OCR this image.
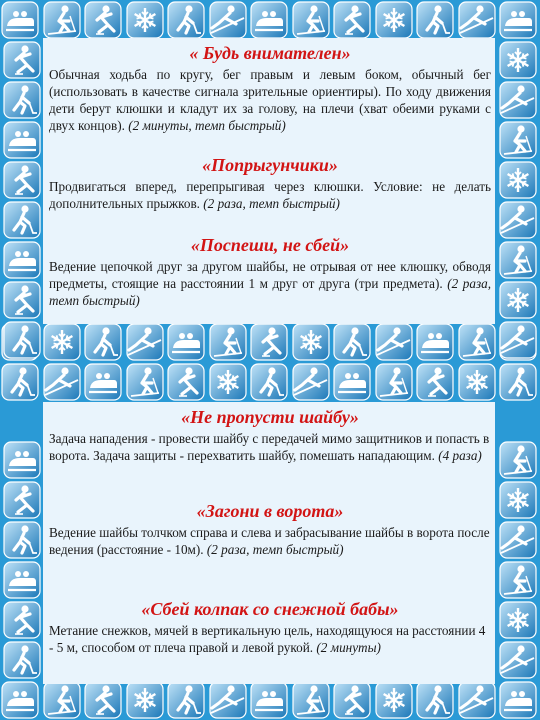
« Будь внимателен»

Обычная ходьба по кругу, бег правым и левым боком, обычный бег (использовать в качестве сигнала зрительные ориентиры). По ходу движения дети берут клюшки и кладут их за голову, на плечи (хват обеими руками с двух концов). (2 минуты, темп быстрый)

«Попрыгунчики»

Продвигаться вперед, перепрыгивая через клюшки. Условие: не делать дополнительных прыжков. (2 раза, темп быстрый)

«Поспеши, не сбей»

Ведение цепочкой друг за другом шайбы, не отрывая от нее клюшку, обводя предметы, стоящие на расстоянии 1 м друг от друга (три предмета). (2 раза, темп быстрый)

«Не пропусти шайбу»

Задача нападения - провести шайбу с передачей мимо защитников и попасть в ворота. Задача защиты - перехватить шайбу, помешать нападающим. (4 раза)

«Загони в ворота»

Ведение шайбы толчком справа и слева и забрасывание шайбы в ворота после ведения (расстояние - 10м). (2 раза, темп быстрый)

«Сбей колпак со снежной бабы»

Метание снежков, мячей в вертикальную цель, находящуюся на расстоянии 4 - 5 м, способом от плеча правой и левой рукой. (2 минуты)
